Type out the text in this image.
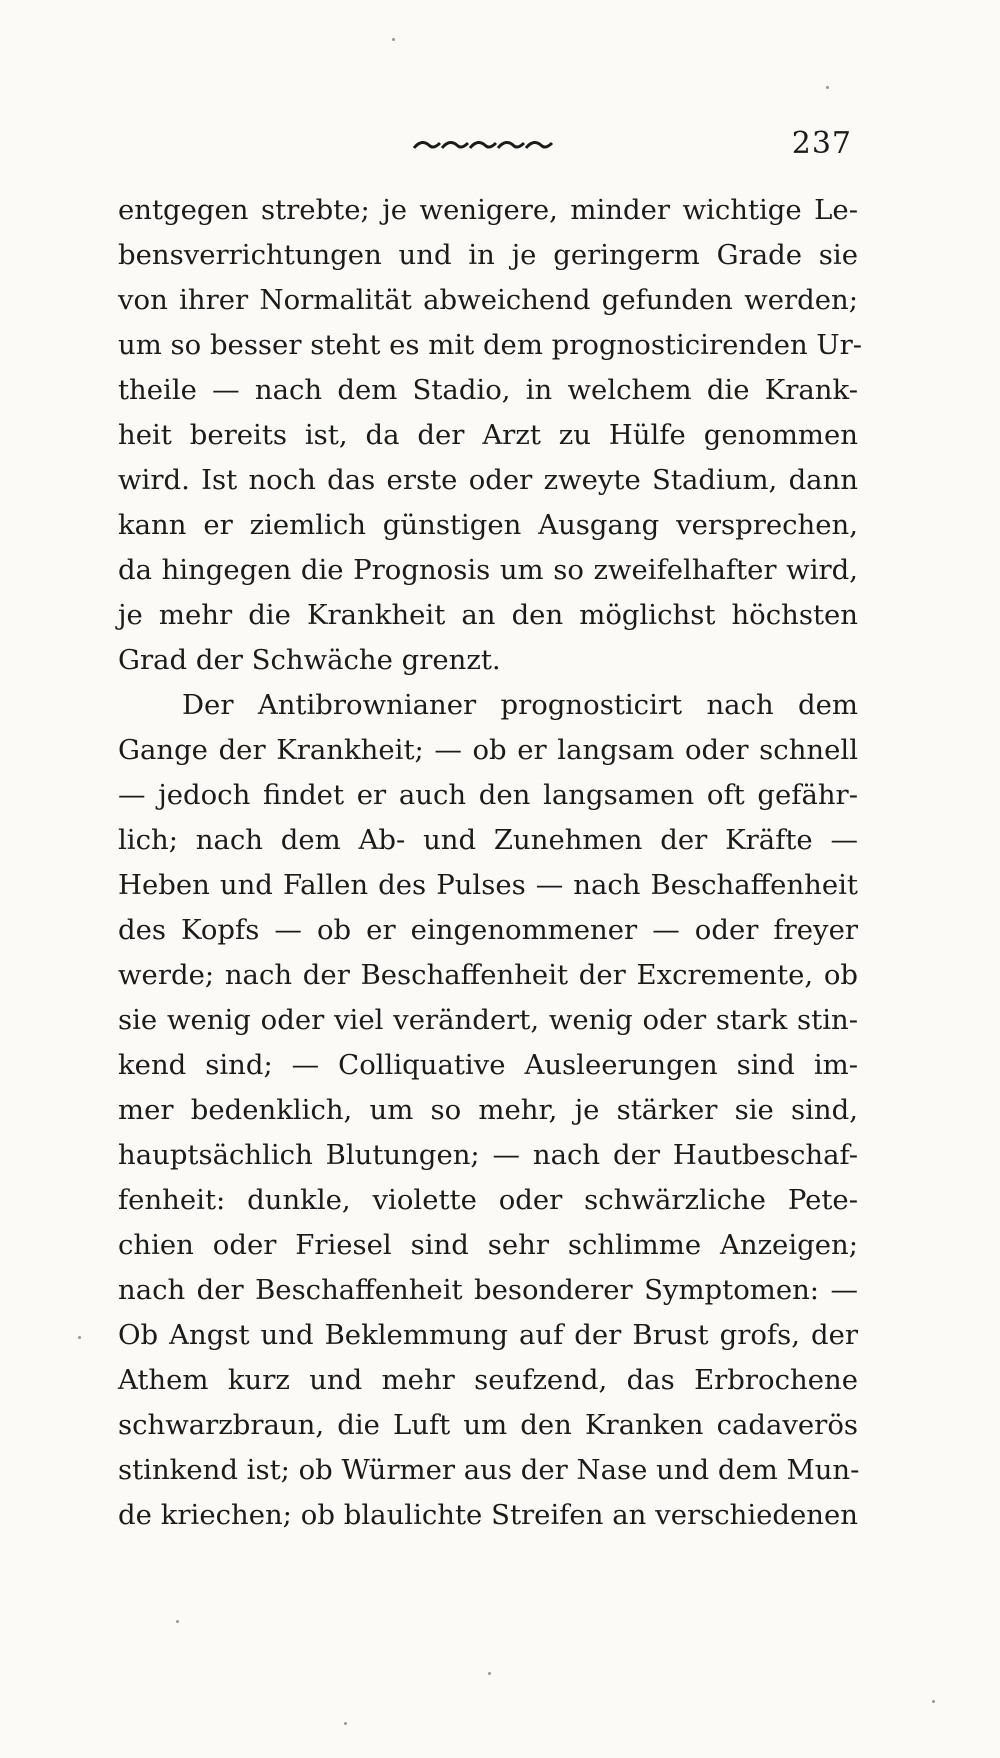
237
entgegen strebte; je wenigere, minder wichtige Le-
bensverrichtungen und in je geringerm Grade sie
von ihrer Normalität abweichend gefunden werden;
um so besser steht es mit dem prognosticirenden Ur-
theile — nach dem Stadio, in welchem die Krank-
heit bereits ist, da der Arzt zu Hülfe genommen
wird. Ist noch das erste oder zweyte Stadium, dann
kann er ziemlich günstigen Ausgang versprechen,
da hingegen die Prognosis um so zweifelhafter wird,
je mehr die Krankheit an den möglichst höchsten
Grad der Schwäche grenzt.
Der Antibrownianer prognosticirt nach dem
Gange der Krankheit; — ob er langsam oder schnell
— jedoch findet er auch den langsamen oft gefähr-
lich; nach dem Ab- und Zunehmen der Kräfte —
Heben und Fallen des Pulses — nach Beschaffenheit
des Kopfs — ob er eingenommener — oder freyer
werde; nach der Beschaffenheit der Excremente, ob
sie wenig oder viel verändert, wenig oder stark stin-
kend sind; — Colliquative Ausleerungen sind im-
mer bedenklich, um so mehr, je stärker sie sind,
hauptsächlich Blutungen; — nach der Hautbeschaf-
fenheit: dunkle, violette oder schwärzliche Pete-
chien oder Friesel sind sehr schlimme Anzeigen;
nach der Beschaffenheit besonderer Symptomen: —
Ob Angst und Beklemmung auf der Brust grofs, der
Athem kurz und mehr seufzend, das Erbrochene
schwarzbraun, die Luft um den Kranken cadaverös
stinkend ist; ob Würmer aus der Nase und dem Mun-
de kriechen; ob blaulichte Streifen an verschiedenen
